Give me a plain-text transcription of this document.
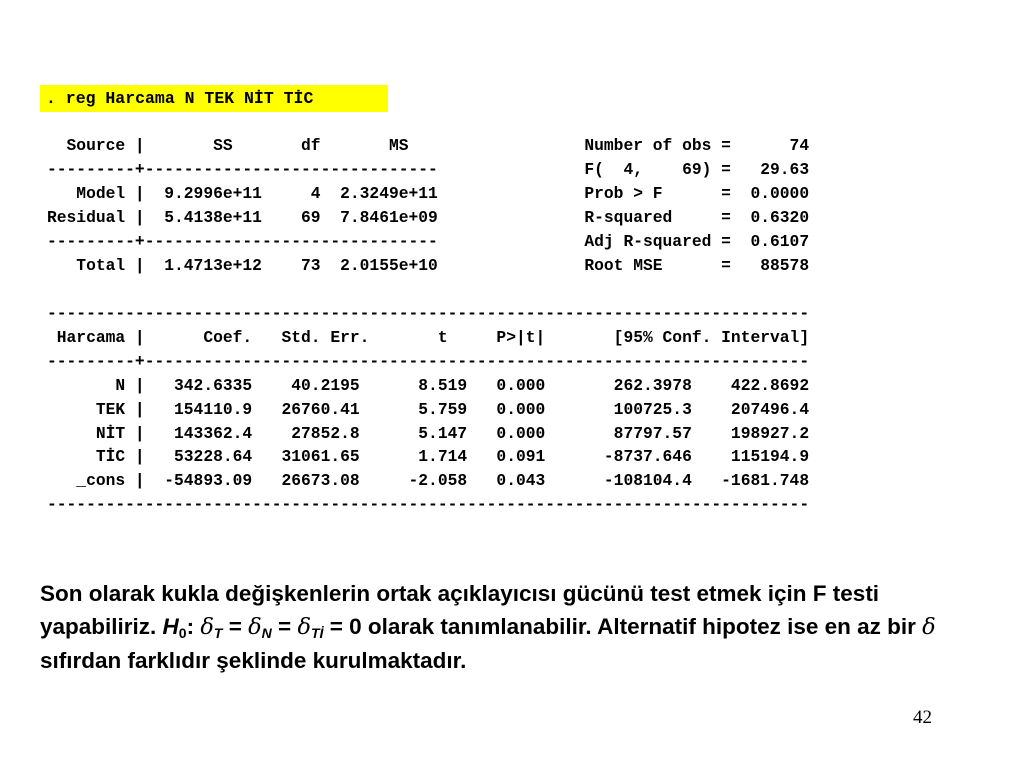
. reg Harcama N TEK NİT TİC
Source |       SS       df       MS                  Number of obs =      74
---------+------------------------------               F(  4,    69) =   29.63
Model |  9.2996e+11     4  2.3249e+11               Prob > F      =  0.0000
Residual |  5.4138e+11    69  7.8461e+09               R-squared     =  0.6320
---------+------------------------------               Adj R-squared =  0.6107
Total |  1.4713e+12    73  2.0155e+10               Root MSE      =   88578

------------------------------------------------------------------------------
Harcama |      Coef.   Std. Err.       t     P>|t|       [95% Conf. Interval]
---------+--------------------------------------------------------------------
N |   342.6335    40.2195      8.519   0.000       262.3978    422.8692
TEK |   154110.9   26760.41      5.759   0.000       100725.3    207496.4
NİT |   143362.4    27852.8      5.147   0.000       87797.57    198927.2
TİC |   53228.64   31061.65      1.714   0.091      -8737.646    115194.9
_cons |  -54893.09   26673.08     -2.058   0.043      -108104.4   -1681.748
------------------------------------------------------------------------------

Son olarak kukla değişkenlerin ortak açıklayıcısı gücünü test etmek için F testi yapabiliriz. $H_0$: $\delta_T = \delta_N = \delta_{Tİ} = 0$ olarak tanımlanabilir. Alternatif hipotez ise en az bir δ sıfırdan farklıdır şeklinde kurulmaktadır.

42
